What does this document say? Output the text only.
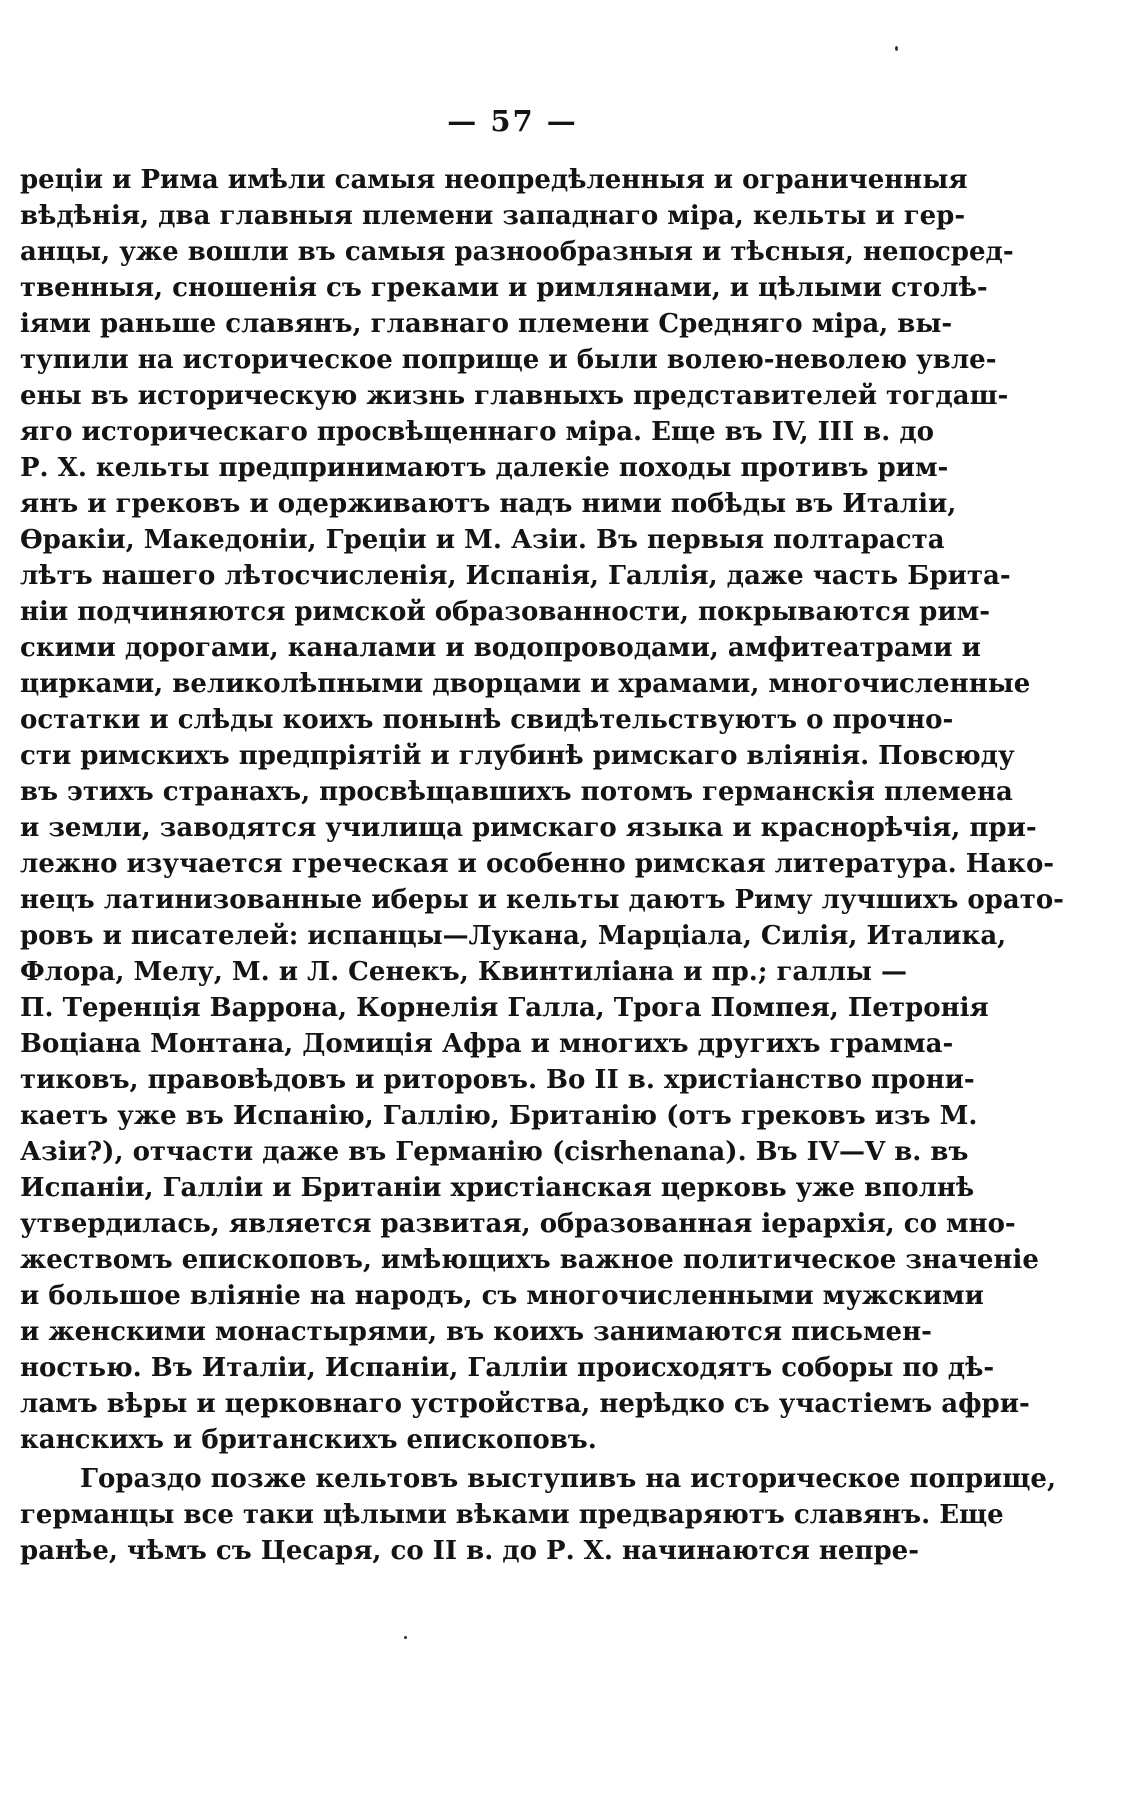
— 57 —
реціи и Рима имѣли самыя неопредѣленныя и ограниченныя
вѣдѣнія, два главныя племени западнаго міра, кельты и гер-
анцы, уже вошли въ самыя разнообразныя и тѣсныя, непосред-
твенныя, сношенія съ греками и римлянами, и цѣлыми столѣ-
іями раньше славянъ, главнаго племени Средняго міра, вы-
тупили на историческое поприще и были волею-неволею увле-
ены въ историческую жизнь главныхъ представителей тогдаш-
яго историческаго просвѣщеннаго міра. Еще въ IV, III в. до
Р. Х. кельты предпринимаютъ далекіе походы противъ рим-
янъ и грековъ и одерживаютъ надъ ними побѣды въ Италіи,
Ѳракіи, Македоніи, Греціи и М. Азіи. Въ первыя полтараста
лѣтъ нашего лѣтосчисленія, Испанія, Галлія, даже часть Брита-
ніи подчиняются римской образованности, покрываются рим-
скими дорогами, каналами и водопроводами, амфитеатрами и
цирками, великолѣпными дворцами и храмами, многочисленные
остатки и слѣды коихъ понынѣ свидѣтельствуютъ о прочно-
сти римскихъ предпріятій и глубинѣ римскаго вліянія. Повсюду
въ этихъ странахъ, просвѣщавшихъ потомъ германскія племена
и земли, заводятся училища римскаго языка и краснорѣчія, при-
лежно изучается греческая и особенно римская литература. Нако-
нецъ латинизованные иберы и кельты даютъ Риму лучшихъ орато-
ровъ и писателей: испанцы—Лукана, Марціала, Силія, Италика,
Флора, Мелу, М. и Л. Сенекъ, Квинтиліана и пр.; галлы —
П. Теренція Варрона, Корнелія Галла, Трога Помпея, Петронія
Воціана Монтана, Домиція Афра и многихъ другихъ грамма-
тиковъ, правовѣдовъ и риторовъ. Во II в. христіанство прони-
каетъ уже въ Испанію, Галлію, Британію (отъ грековъ изъ М.
Азіи?), отчасти даже въ Германію (cisrhenana). Въ IV—V в. въ
Испаніи, Галліи и Британіи христіанская церковь уже вполнѣ
утвердилась, является развитая, образованная іерархія, со мно-
жествомъ епископовъ, имѣющихъ важное политическое значеніе
и большое вліяніе на народъ, съ многочисленными мужскими
и женскими монастырями, въ коихъ занимаются письмен-
ностью. Въ Италіи, Испаніи, Галліи происходятъ соборы по дѣ-
ламъ вѣры и церковнаго устройства, нерѣдко съ участіемъ афри-
канскихъ и британскихъ епископовъ.
Гораздо позже кельтовъ выступивъ на историческое поприще,
германцы все таки цѣлыми вѣками предваряютъ славянъ. Еще
ранѣе, чѣмъ съ Цесаря, со II в. до Р. Х. начинаются непре-
